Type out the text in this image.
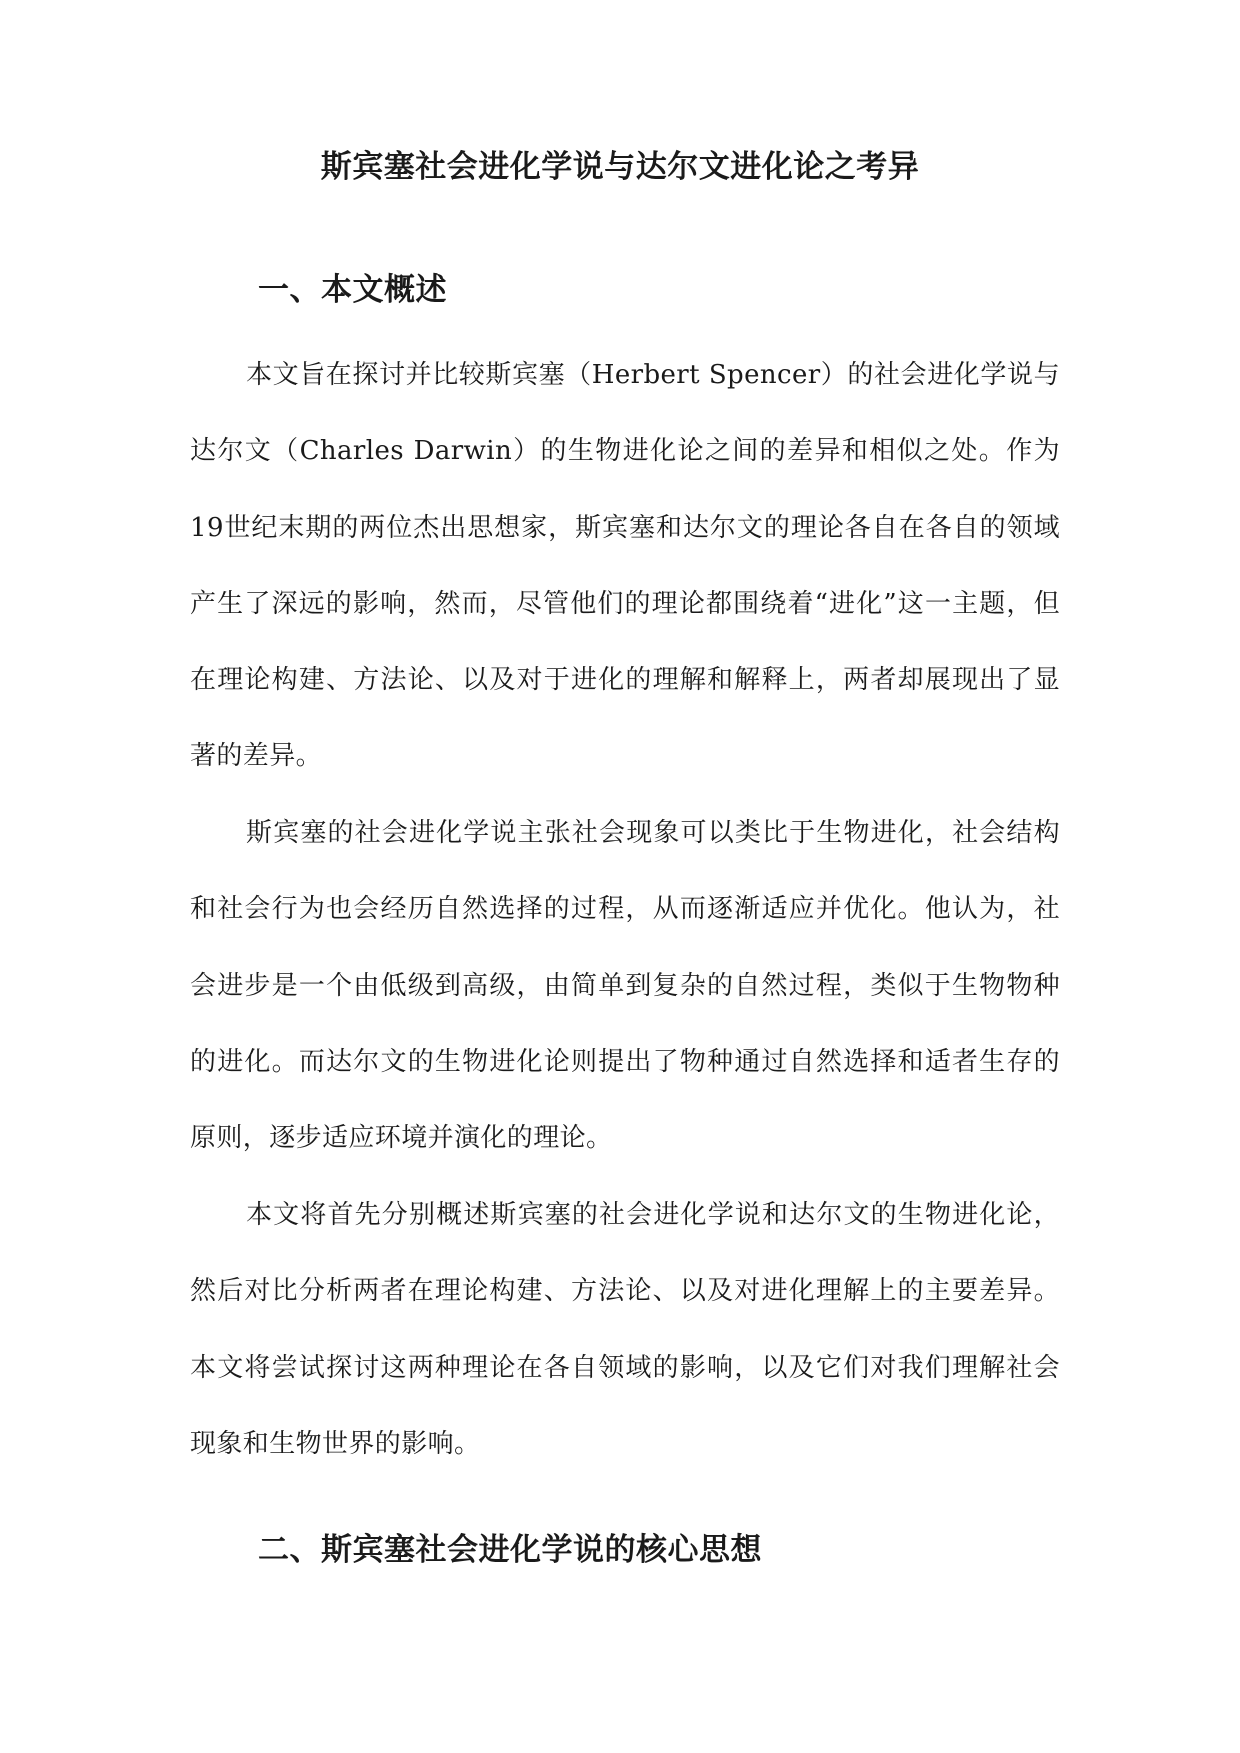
斯宾塞社会进化学说与达尔文进化论之考异
一、本文概述

本文旨在探讨并比较斯宾塞（Herbert Spencer）的社会进化学说与达尔文（Charles Darwin）的生物进化论之间的差异和相似之处。作为19世纪末期的两位杰出思想家，斯宾塞和达尔文的理论各自在各自的领域产生了深远的影响，然而，尽管他们的理论都围绕着“进化”这一主题，但在理论构建、方法论、以及对于进化的理解和解释上，两者却展现出了显著的差异。

斯宾塞的社会进化学说主张社会现象可以类比于生物进化，社会结构和社会行为也会经历自然选择的过程，从而逐渐适应并优化。他认为，社会进步是一个由低级到高级，由简单到复杂的自然过程，类似于生物物种的进化。而达尔文的生物进化论则提出了物种通过自然选择和适者生存的原则，逐步适应环境并演化的理论。

本文将首先分别概述斯宾塞的社会进化学说和达尔文的生物进化论，然后对比分析两者在理论构建、方法论、以及对进化理解上的主要差异。本文将尝试探讨这两种理论在各自领域的影响，以及它们对我们理解社会现象和生物世界的影响。

二、斯宾塞社会进化学说的核心思想
